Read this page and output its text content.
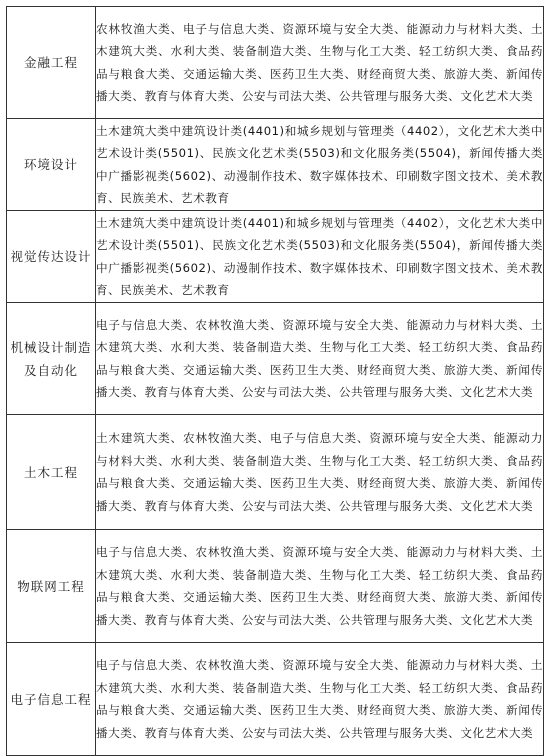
金融工程	农林牧渔大类、电子与信息大类、资源环境与安全大类、能源动力与材料大类、土木建筑大类、水利大类、装备制造大类、生物与化工大类、轻工纺织大类、食品药品与粮食大类、交通运输大类、医药卫生大类、财经商贸大类、旅游大类、新闻传播大类、教育与体育大类、公安与司法大类、公共管理与服务大类、文化艺术大类
环境设计	土木建筑大类中建筑设计类(4401)和城乡规划与管理类（4402），文化艺术大类中艺术设计类(5501)、民族文化艺术类(5503)和文化服务类(5504)，新闻传播大类中广播影视类(5602)、动漫制作技术、数字媒体技术、印刷数字图文技术、美术教育、民族美术、艺术教育
视觉传达设计	土木建筑大类中建筑设计类(4401)和城乡规划与管理类（4402），文化艺术大类中艺术设计类(5501)、民族文化艺术类(5503)和文化服务类(5504)，新闻传播大类中广播影视类(5602)、动漫制作技术、数字媒体技术、印刷数字图文技术、美术教育、民族美术、艺术教育
机械设计制造及自动化	电子与信息大类、农林牧渔大类、资源环境与安全大类、能源动力与材料大类、土木建筑大类、水利大类、装备制造大类、生物与化工大类、轻工纺织大类、食品药品与粮食大类、交通运输大类、医药卫生大类、财经商贸大类、旅游大类、新闻传播大类、教育与体育大类、公安与司法大类、公共管理与服务大类、文化艺术大类
土木工程	土木建筑大类、农林牧渔大类、电子与信息大类、资源环境与安全大类、能源动力与材料大类、水利大类、装备制造大类、生物与化工大类、轻工纺织大类、食品药品与粮食大类、交通运输大类、医药卫生大类、财经商贸大类、旅游大类、新闻传播大类、教育与体育大类、公安与司法大类、公共管理与服务大类、文化艺术大类
物联网工程	电子与信息大类、农林牧渔大类、资源环境与安全大类、能源动力与材料大类、土木建筑大类、水利大类、装备制造大类、生物与化工大类、轻工纺织大类、食品药品与粮食大类、交通运输大类、医药卫生大类、财经商贸大类、旅游大类、新闻传播大类、教育与体育大类、公安与司法大类、公共管理与服务大类、文化艺术大类
电子信息工程	电子与信息大类、农林牧渔大类、资源环境与安全大类、能源动力与材料大类、土木建筑大类、水利大类、装备制造大类、生物与化工大类、轻工纺织大类、食品药品与粮食大类、交通运输大类、医药卫生大类、财经商贸大类、旅游大类、新闻传播大类、教育与体育大类、公安与司法大类、公共管理与服务大类、文化艺术大类
